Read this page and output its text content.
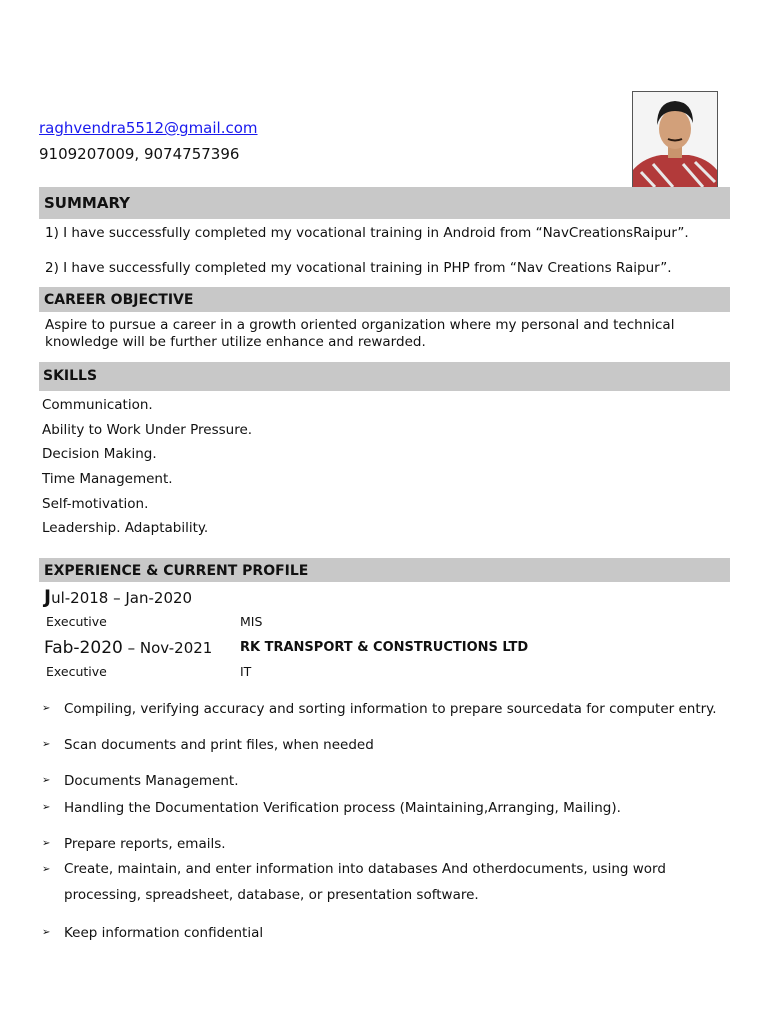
raghvendra5512@gmail.com
9109207009, 9074757396
SUMMARY
1) I have successfully completed my vocational training in Android from “NavCreationsRaipur”.
2) I have successfully completed my vocational training in PHP from “Nav Creations Raipur”.
CAREER OBJECTIVE
Aspire to pursue a career in a growth oriented organization where my personal and technical knowledge will be further utilize enhance and rewarded.
SKILLS
Communication.
Ability to Work Under Pressure.
Decision Making.
Time Management.
Self-motivation.
Leadership. Adaptability.
EXPERIENCE & CURRENT PROFILE
Jul-2018 – Jan-2020
Executive	MIS
Fab-2020 – Nov-2021 RK TRANSPORT & CONSTRUCTIONS LTD
Executive	IT
➢ Compiling, verifying accuracy and sorting information to prepare sourcedata for computer entry.
➢ Scan documents and print files, when needed
➢ Documents Management.
➢ Handling the Documentation Verification process (Maintaining,Arranging, Mailing).
➢ Prepare reports, emails.
➢ Create, maintain, and enter information into databases And otherdocuments, using word processing, spreadsheet, database, or presentation software.
➢ Keep information confidential
